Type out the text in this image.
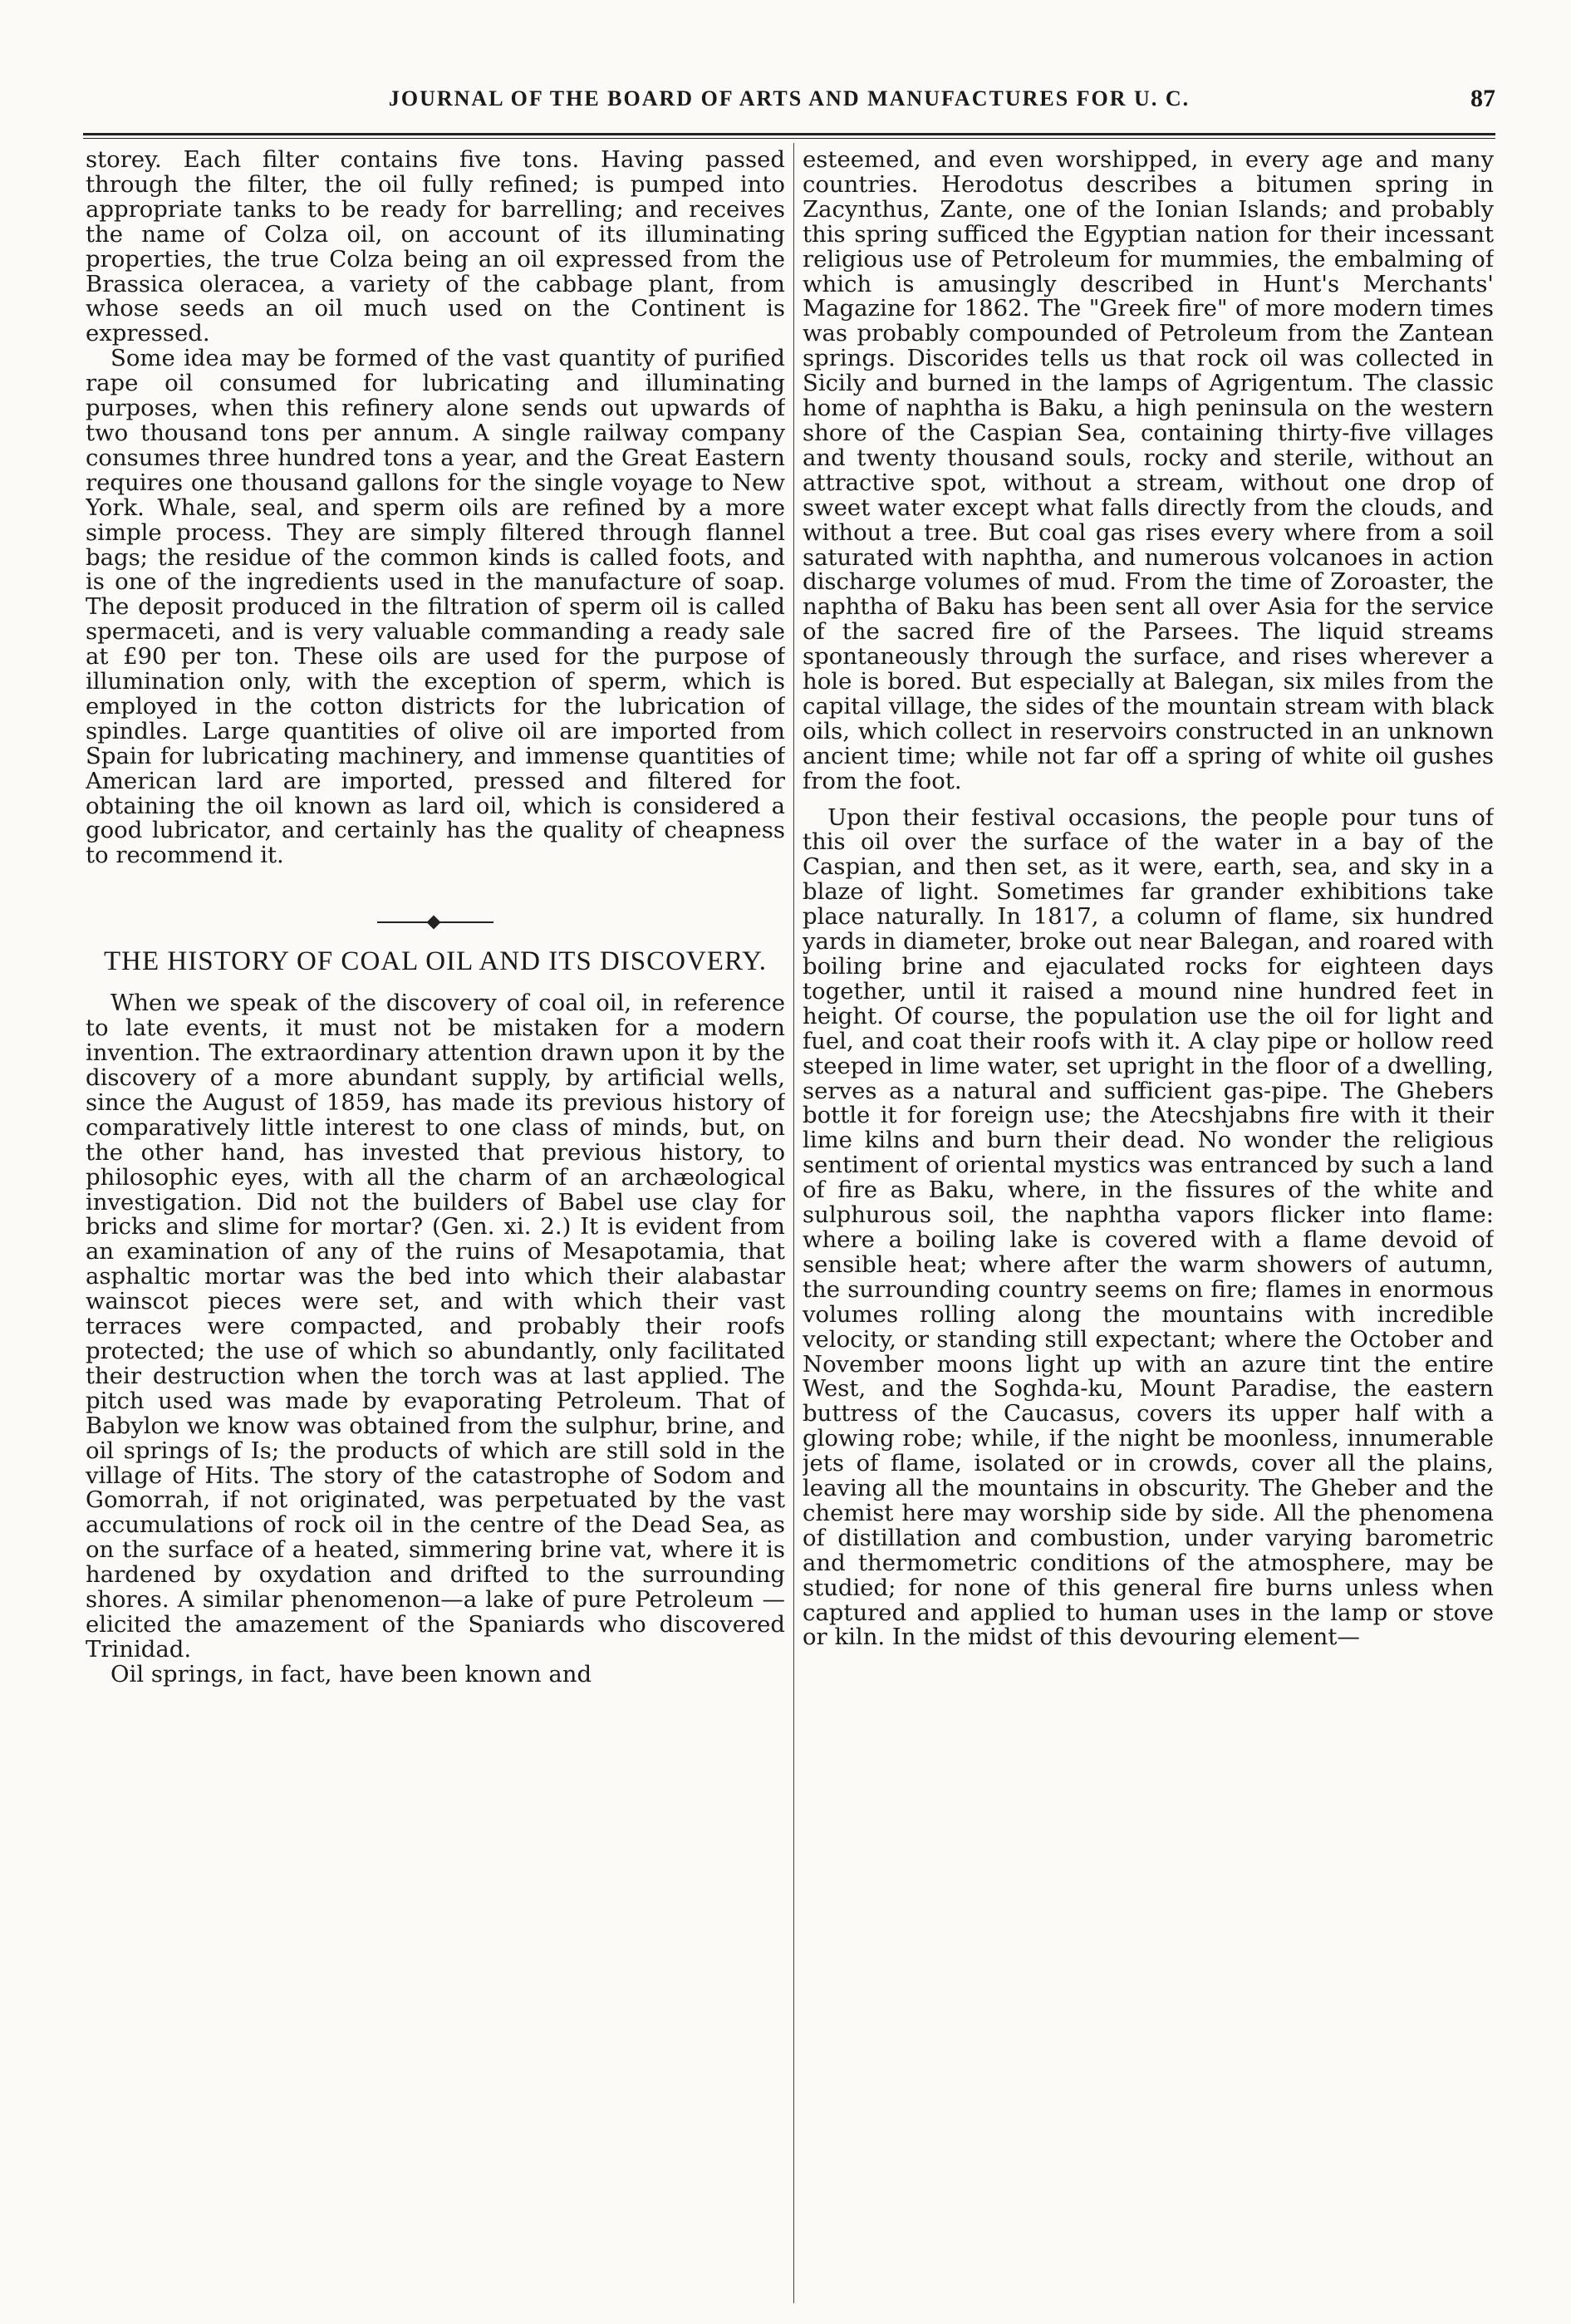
JOURNAL OF THE BOARD OF ARTS AND MANUFACTURES FOR U. C.	87

storey. Each filter contains five tons. Having passed through the filter, the oil fully refined; is pumped into appropriate tanks to be ready for barrelling; and receives the name of Colza oil, on account of its illuminating properties, the true Colza being an oil expressed from the Brassica oleracea, a variety of the cabbage plant, from whose seeds an oil much used on the Continent is expressed.

Some idea may be formed of the vast quantity of purified rape oil consumed for lubricating and illuminating purposes, when this refinery alone sends out upwards of two thousand tons per annum. A single railway company consumes three hundred tons a year, and the Great Eastern requires one thousand gallons for the single voyage to New York. Whale, seal, and sperm oils are refined by a more simple process. They are simply filtered through flannel bags; the residue of the common kinds is called foots, and is one of the ingredients used in the manufacture of soap. The deposit produced in the filtration of sperm oil is called spermaceti, and is very valuable commanding a ready sale at £90 per ton. These oils are used for the purpose of illumination only, with the exception of sperm, which is employed in the cotton districts for the lubrication of spindles. Large quantities of olive oil are imported from Spain for lubricating machinery, and immense quantities of American lard are imported, pressed and filtered for obtaining the oil known as lard oil, which is considered a good lubricator, and certainly has the quality of cheapness to recommend it.

THE HISTORY OF COAL OIL AND ITS DISCOVERY.

When we speak of the discovery of coal oil, in reference to late events, it must not be mistaken for a modern invention. The extraordinary attention drawn upon it by the discovery of a more abundant supply, by artificial wells, since the August of 1859, has made its previous history of comparatively little interest to one class of minds, but, on the other hand, has invested that previous history, to philosophic eyes, with all the charm of an archæological investigation. Did not the builders of Babel use clay for bricks and slime for mortar? (Gen. xi. 2.) It is evident from an examination of any of the ruins of Mesapotamia, that asphaltic mortar was the bed into which their alabastar wainscot pieces were set, and with which their vast terraces were compacted, and probably their roofs protected; the use of which so abundantly, only facilitated their destruction when the torch was at last applied. The pitch used was made by evaporating Petroleum. That of Babylon we know was obtained from the sulphur, brine, and oil springs of Is; the products of which are still sold in the village of Hits. The story of the catastrophe of Sodom and Gomorrah, if not originated, was perpetuated by the vast accumulations of rock oil in the centre of the Dead Sea, as on the surface of a heated, simmering brine vat, where it is hardened by oxydation and drifted to the surrounding shores. A similar phenomenon—a lake of pure Petroleum —elicited the amazement of the Spaniards who discovered Trinidad.

Oil springs, in fact, have been known and

esteemed, and even worshipped, in every age and many countries. Herodotus describes a bitumen spring in Zacynthus, Zante, one of the Ionian Islands; and probably this spring sufficed the Egyptian nation for their incessant religious use of Petroleum for mummies, the embalming of which is amusingly described in Hunt's Merchants' Magazine for 1862. The "Greek fire" of more modern times was probably compounded of Petroleum from the Zantean springs. Discorides tells us that rock oil was collected in Sicily and burned in the lamps of Agrigentum. The classic home of naphtha is Baku, a high peninsula on the western shore of the Caspian Sea, containing thirty-five villages and twenty thousand souls, rocky and sterile, without an attractive spot, without a stream, without one drop of sweet water except what falls directly from the clouds, and without a tree. But coal gas rises every where from a soil saturated with naphtha, and numerous volcanoes in action discharge volumes of mud. From the time of Zoroaster, the naphtha of Baku has been sent all over Asia for the service of the sacred fire of the Parsees. The liquid streams spontaneously through the surface, and rises wherever a hole is bored. But especially at Balegan, six miles from the capital village, the sides of the mountain stream with black oils, which collect in reservoirs constructed in an unknown ancient time; while not far off a spring of white oil gushes from the foot.

Upon their festival occasions, the people pour tuns of this oil over the surface of the water in a bay of the Caspian, and then set, as it were, earth, sea, and sky in a blaze of light. Sometimes far grander exhibitions take place naturally. In 1817, a column of flame, six hundred yards in diameter, broke out near Balegan, and roared with boiling brine and ejaculated rocks for eighteen days together, until it raised a mound nine hundred feet in height. Of course, the population use the oil for light and fuel, and coat their roofs with it. A clay pipe or hollow reed steeped in lime water, set upright in the floor of a dwelling, serves as a natural and sufficient gas-pipe. The Ghebers bottle it for foreign use; the Atecshjabns fire with it their lime kilns and burn their dead. No wonder the religious sentiment of oriental mystics was entranced by such a land of fire as Baku, where, in the fissures of the white and sulphurous soil, the naphtha vapors flicker into flame: where a boiling lake is covered with a flame devoid of sensible heat; where after the warm showers of autumn, the surrounding country seems on fire; flames in enormous volumes rolling along the mountains with incredible velocity, or standing still expectant; where the October and November moons light up with an azure tint the entire West, and the Soghda-ku, Mount Paradise, the eastern buttress of the Caucasus, covers its upper half with a glowing robe; while, if the night be moonless, innumerable jets of flame, isolated or in crowds, cover all the plains, leaving all the mountains in obscurity. The Gheber and the chemist here may worship side by side. All the phenomena of distillation and combustion, under varying barometric and thermometric conditions of the atmosphere, may be studied; for none of this general fire burns unless when captured and applied to human uses in the lamp or stove or kiln. In the midst of this devouring element—
